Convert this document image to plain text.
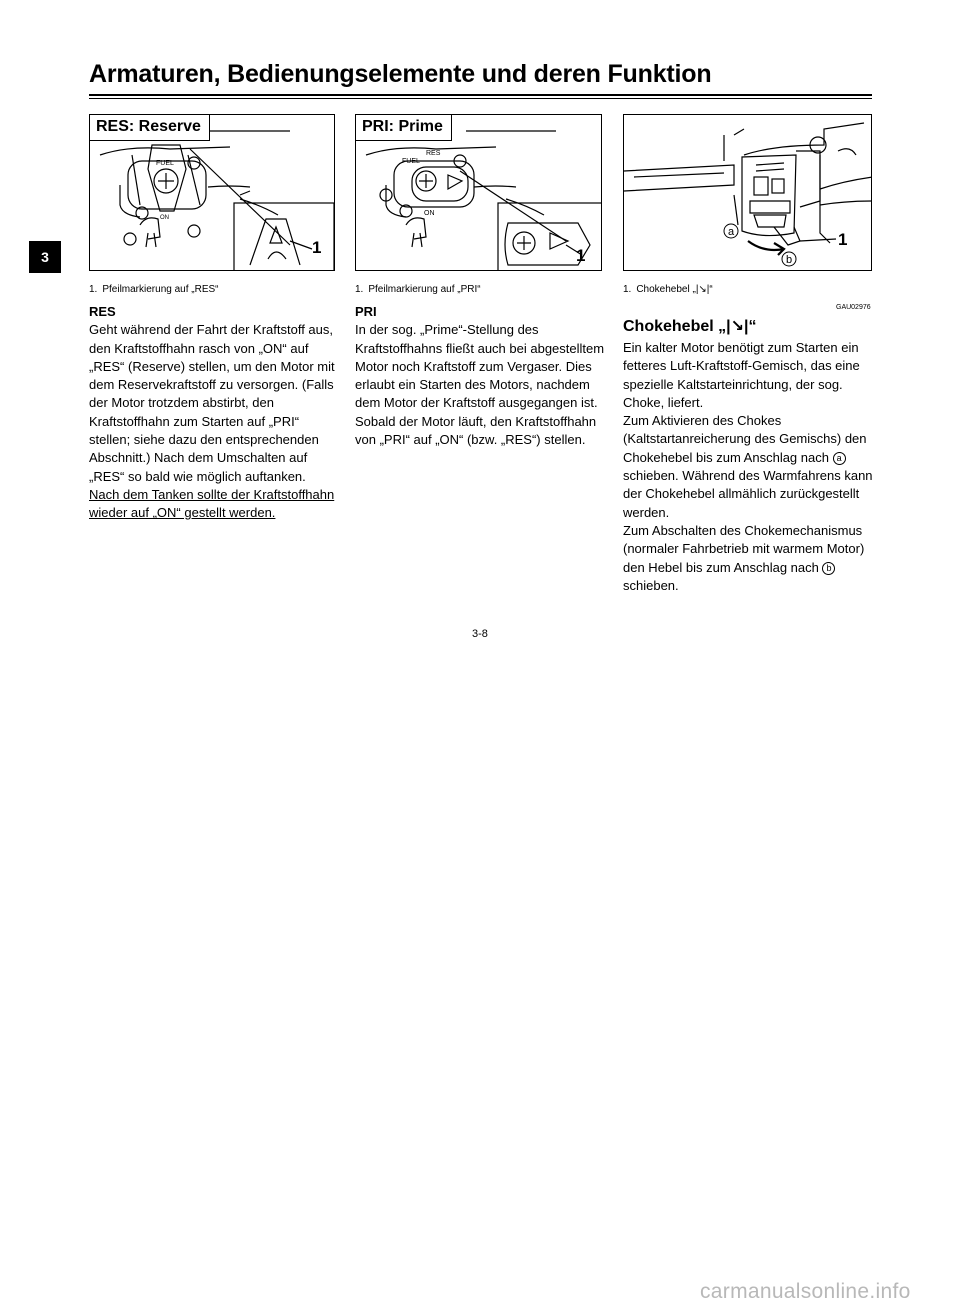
Armaturen, Bedienungselemente und deren Funktion
3
FUEL
ON
1
RES: Reserve
FUEL
RES
ON
1
PRI: Prime
a
b
1
1. Pfeilmarkierung auf „RES“	1. Pfeilmarkierung auf „PRI“	1. Chokehebel „|↘|“
RES
Geht während der Fahrt der Kraftstoff aus, den Kraftstoffhahn rasch von „ON“ auf „RES“ (Reserve) stellen, um den Motor mit dem Reservekraftstoff zu versorgen. (Falls der Motor trotzdem abstirbt, den Kraftstoffhahn zum Starten auf „PRI“ stellen; siehe dazu den entsprechenden Abschnitt.) Nach dem Umschalten auf „RES“ so bald wie möglich auftanken.
Nach dem Tanken sollte der Kraftstoffhahn wieder auf „ON“ gestellt werden.
PRI
In der sog. „Prime“-Stellung des Kraftstoffhahns fließt auch bei abgestelltem Motor noch Kraftstoff zum Vergaser. Dies erlaubt ein Starten des Motors, nachdem dem Motor der Kraftstoff ausgegangen ist. Sobald der Motor läuft, den Kraftstoffhahn von „PRI“ auf „ON“ (bzw. „RES“) stellen.
GAU02976
Chokehebel „|↘|“
Ein kalter Motor benötigt zum Starten ein fetteres Luft-Kraftstoff-Gemisch, das eine spezielle Kaltstarteinrichtung, der sog. Choke, liefert.
Zum Aktivieren des Chokes (Kaltstartanreicherung des Gemischs) den Chokehebel bis zum Anschlag nach a schieben. Während des Warmfahrens kann der Chokehebel allmählich zurückgestellt werden.
Zum Abschalten des Chokemechanismus (normaler Fahrbetrieb mit warmem Motor) den Hebel bis zum Anschlag nach b schieben.
3-8
carmanualsonline.info
